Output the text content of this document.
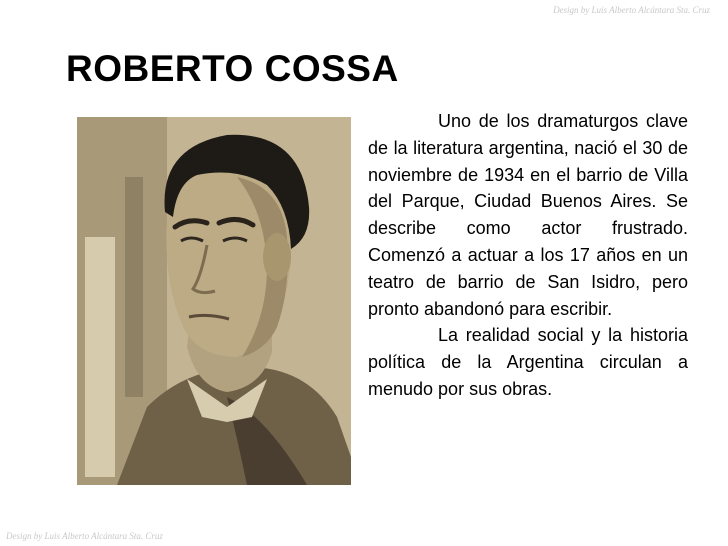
Design by Luis Alberto Alcántara Sta. Cruz
ROBERTO COSSA

Uno de los dramaturgos clave de la literatura argentina, nació el 30 de noviembre de 1934 en el barrio de Villa del Parque, Ciudad Buenos Aires. Se describe como actor frustrado. Comenzó a actuar a los 17 años en un teatro de barrio de San Isidro, pero pronto abandonó para escribir.

La realidad social y la historia política de la Argentina circulan a menudo por sus obras.

Design by Luis Alberto Alcántara Sta. Cruz
